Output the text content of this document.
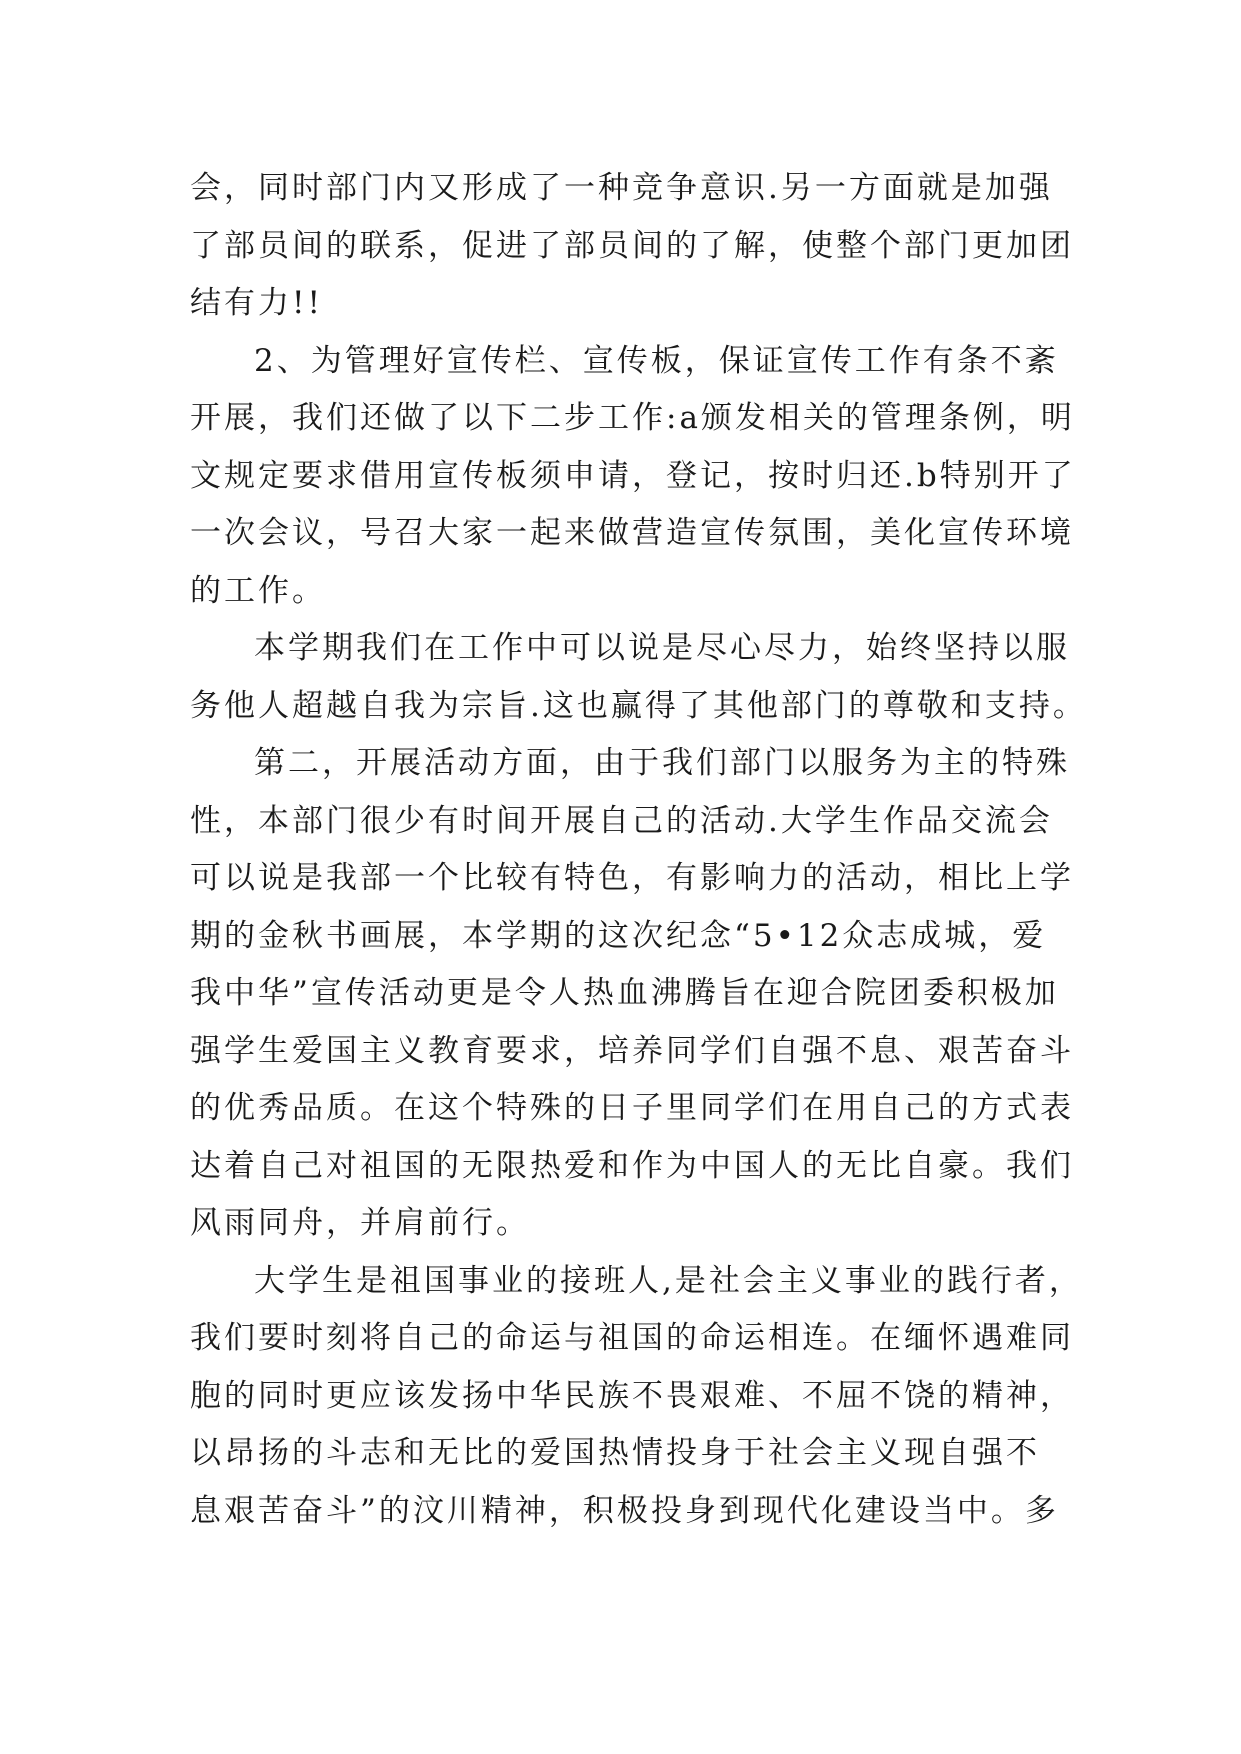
会，同时部门内又形成了一种竞争意识.另一方面就是加强
了部员间的联系，促进了部员间的了解，使整个部门更加团
结有力!!
2、为管理好宣传栏、宣传板，保证宣传工作有条不紊
开展，我们还做了以下二步工作:a颁发相关的管理条例，明
文规定要求借用宣传板须申请，登记，按时归还.b特别开了
一次会议，号召大家一起来做营造宣传氛围，美化宣传环境
的工作。
本学期我们在工作中可以说是尽心尽力，始终坚持以服
务他人超越自我为宗旨.这也赢得了其他部门的尊敬和支持。
第二，开展活动方面，由于我们部门以服务为主的特殊
性，本部门很少有时间开展自己的活动.大学生作品交流会
可以说是我部一个比较有特色，有影响力的活动，相比上学
期的金秋书画展，本学期的这次纪念“5•12众志成城，爱
我中华”宣传活动更是令人热血沸腾旨在迎合院团委积极加
强学生爱国主义教育要求，培养同学们自强不息、艰苦奋斗
的优秀品质。在这个特殊的日子里同学们在用自己的方式表
达着自己对祖国的无限热爱和作为中国人的无比自豪。我们
风雨同舟，并肩前行。
大学生是祖国事业的接班人,是社会主义事业的践行者，
我们要时刻将自己的命运与祖国的命运相连。在缅怀遇难同
胞的同时更应该发扬中华民族不畏艰难、不屈不饶的精神，
以昂扬的斗志和无比的爱国热情投身于社会主义现自强不
息艰苦奋斗”的汶川精神，积极投身到现代化建设当中。多
